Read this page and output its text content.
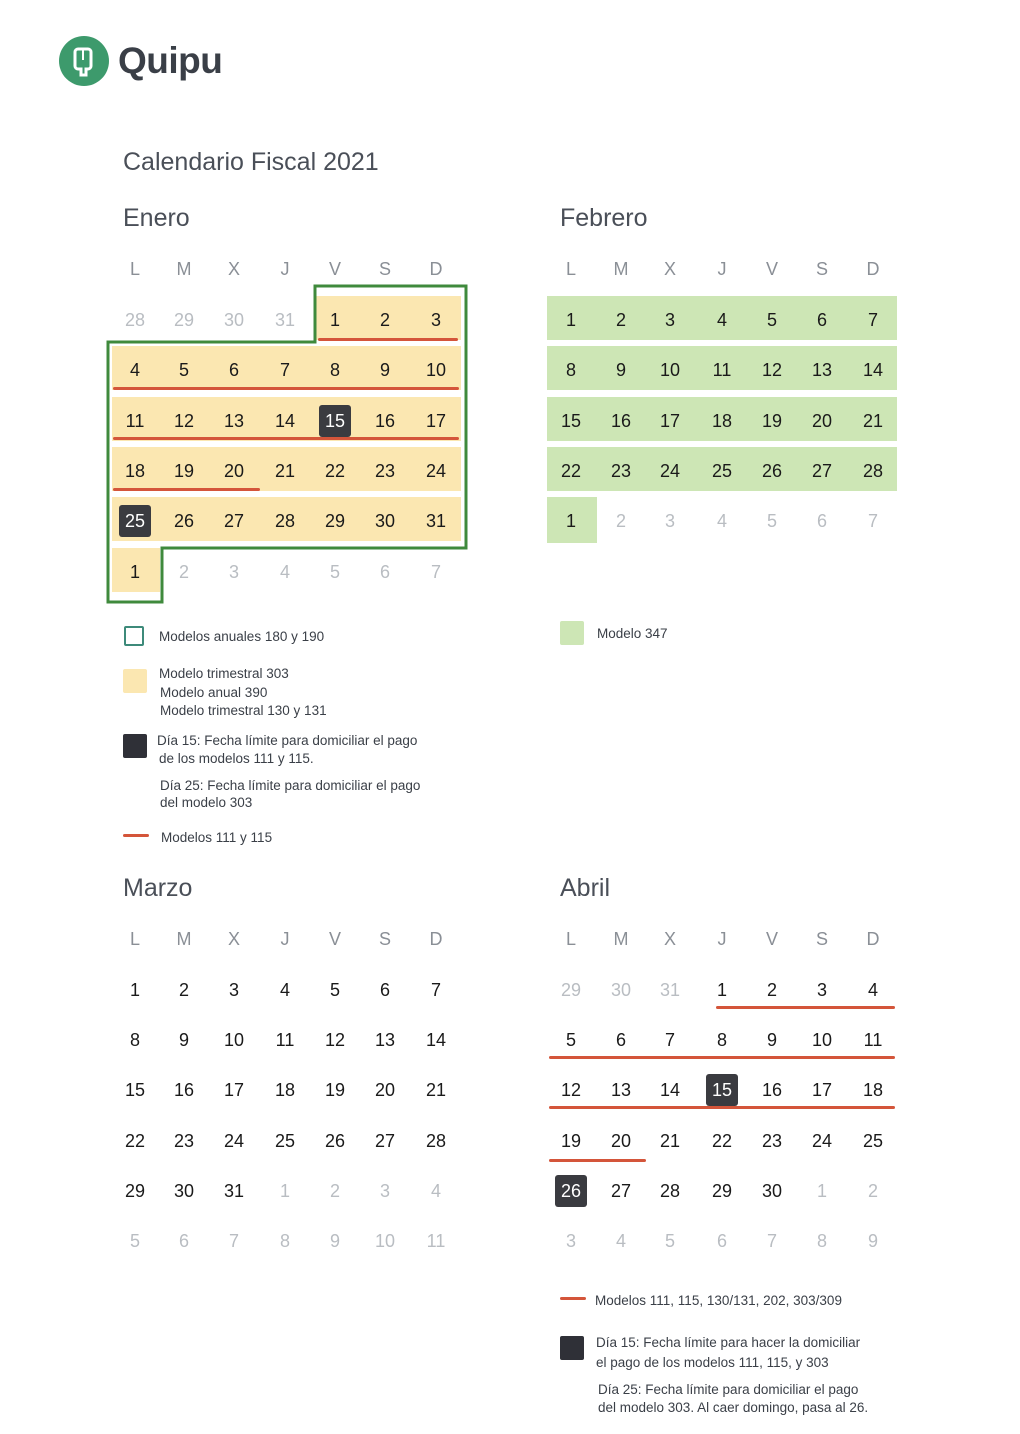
Quipu
Calendario Fiscal 2021
Enero	Febrero
Marzo	Abril
L	M	X	J	V	S	D
28	29	30	31	1	2	3
4	5	6	7	8	9	10
11	12	13	14	15	16	17
18	19	20	21	22	23	24
25	26	27	28	29	30	31
1	2	3	4	5	6	7
L	M	X	J	V	S	D
1	2	3	4	5	6	7
8	9	10	11	12	13	14
15	16	17	18	19	20	21
22	23	24	25	26	27	28
1	2	3	4	5	6	7
L	M	X	J	V	S	D
1	2	3	4	5	6	7
8	9	10	11	12	13	14
15	16	17	18	19	20	21
22	23	24	25	26	27	28
29	30	31	1	2	3	4
5	6	7	8	9	10	11
L	M	X	J	V	S	D
29	30	31	1	2	3	4
5	6	7	8	9	10	11
12	13	14	15	16	17	18
19	20	21	22	23	24	25
26	27	28	29	30	1	2
3	4	5	6	7	8	9
Modelos anuales 180 y 190
Modelo trimestral 303
Modelo anual 390
Modelo trimestral 130 y 131
Día 15: Fecha límite para domiciliar el pago
de los modelos 111 y 115.
Día 25: Fecha límite para domiciliar el pago
del modelo 303
Modelos 111 y 115
Modelo 347
Modelos 111, 115, 130/131, 202, 303/309
Día 15: Fecha límite para hacer la domiciliar
el pago de los modelos 111, 115, y 303
Día 25: Fecha límite para domiciliar el pago
del modelo 303. Al caer domingo, pasa al 26.
